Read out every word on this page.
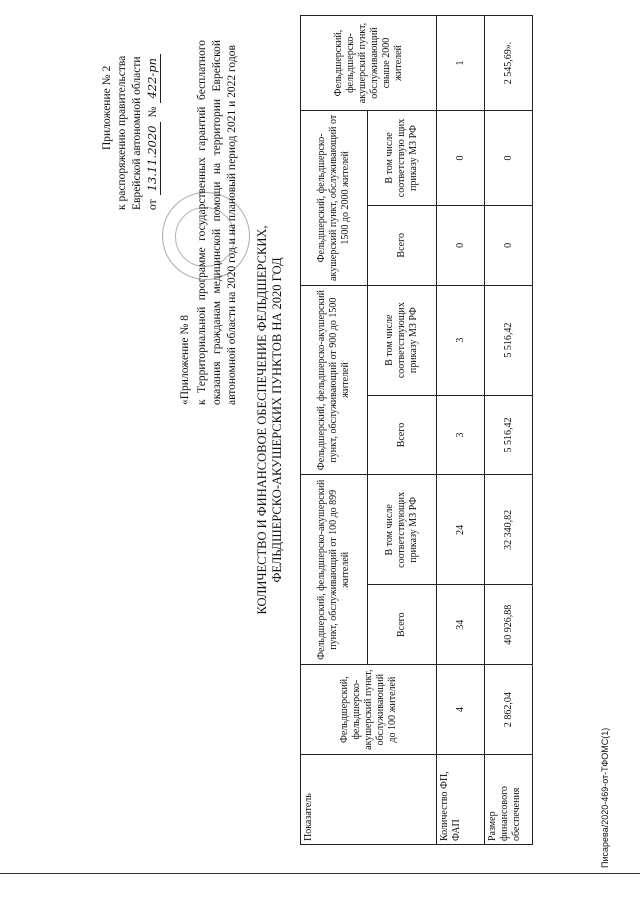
Приложение № 2 к распоряжению правительства Еврейской автономной области от
13.11.2020
№
422-рп
«Приложение № 8 к Территориальной программе государственных гарантий бесплатного оказания гражданам медицинской помощи на территории Еврейской автономной области на 2020 год и на плановый период 2021 и 2022 годов
КОЛИЧЕСТВО И ФИНАНСОВОЕ ОБЕСПЕЧЕНИЕ ФЕЛЬДШЕРСКИХ, ФЕЛЬДШЕРСКО-АКУШЕРСКИХ ПУНКТОВ НА 2020 ГОД
Показатель	Фельдшерский, фельдшерско-акушерский пункт, обслуживающий до 100 жителей	Фельдшерский, фельдшерско-акушерский пункт, обслуживающий от 100 до 899 жителей		Фельдшерский, фельдшерско-акушерский пункт, обслуживающий от 900 до 1500 жителей		Фельдшерский, фельдшерско-акушерский пункт, обслуживающий от 1500 до 2000 жителей		Фельдшерский, фельдшерско-акушерский пункт, обслуживающий свыше 2000 жителей
		Всего	В том числе соответствующих приказу МЗ РФ	Всего	В том числе соответствующих приказу МЗ РФ	Всего	В том числе соответствую щих приказу МЗ РФ	
Количество ФП, ФАП	4	34	24	3	3	0	0	1
Размер финансового обеспечения	2 862,04	40 926,88	32 340,82	5 516,42	5 516,42	0	0	2 545,69».
Писарева/2020-469-от-ТФОМС(1)
